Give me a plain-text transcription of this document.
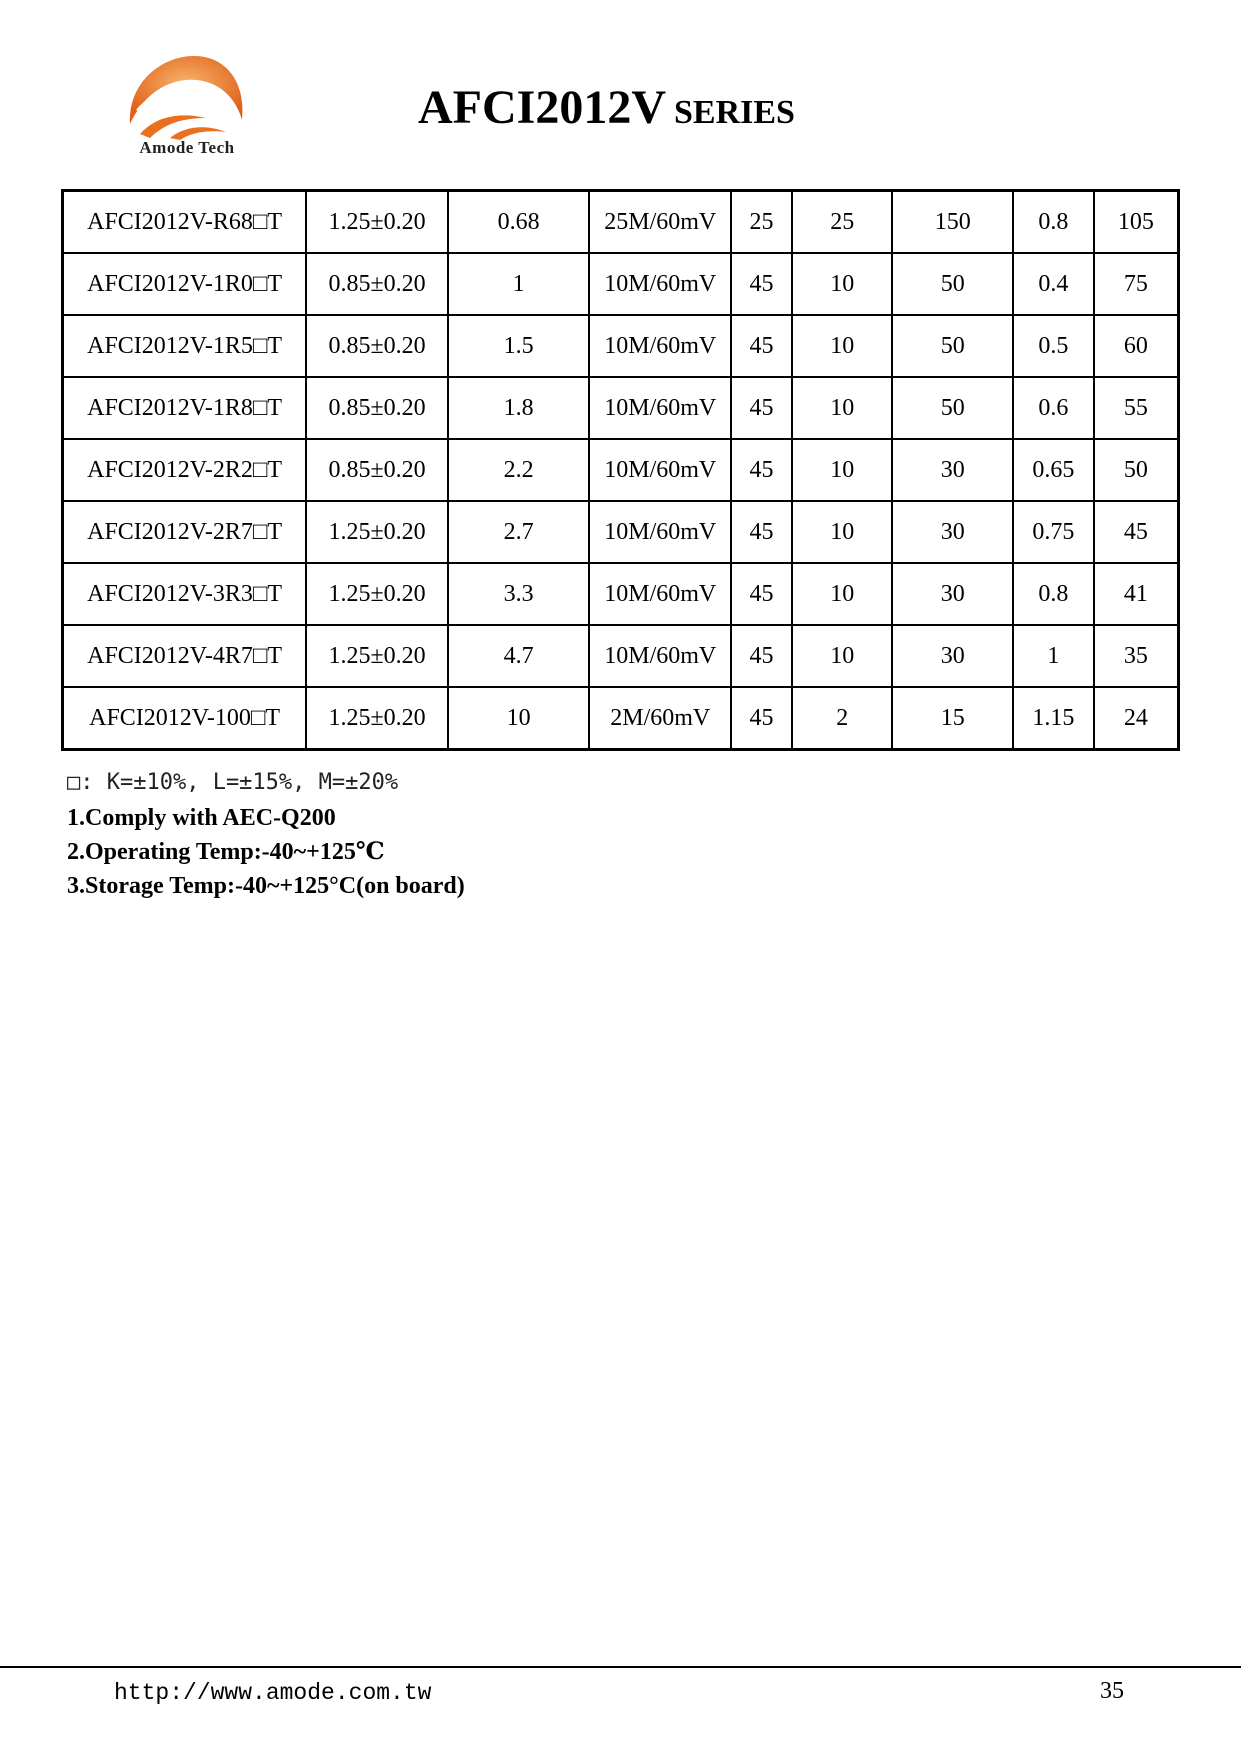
Amode Tech
AFCI2012V SERIES
AFCI2012V-R68□T	1.25±0.20	0.68	25M/60mV	25	25	150	0.8	105
AFCI2012V-1R0□T	0.85±0.20	1	10M/60mV	45	10	50	0.4	75
AFCI2012V-1R5□T	0.85±0.20	1.5	10M/60mV	45	10	50	0.5	60
AFCI2012V-1R8□T	0.85±0.20	1.8	10M/60mV	45	10	50	0.6	55
AFCI2012V-2R2□T	0.85±0.20	2.2	10M/60mV	45	10	30	0.65	50
AFCI2012V-2R7□T	1.25±0.20	2.7	10M/60mV	45	10	30	0.75	45
AFCI2012V-3R3□T	1.25±0.20	3.3	10M/60mV	45	10	30	0.8	41
AFCI2012V-4R7□T	1.25±0.20	4.7	10M/60mV	45	10	30	1	35
AFCI2012V-100□T	1.25±0.20	10	2M/60mV	45	2	15	1.15	24
□: K=±10%, L=±15%, M=±20%
1.Comply with AEC-Q200
2.Operating Temp:-40~+125℃
3.Storage Temp:-40~+125°C(on board)
http://www.amode.com.tw	35
